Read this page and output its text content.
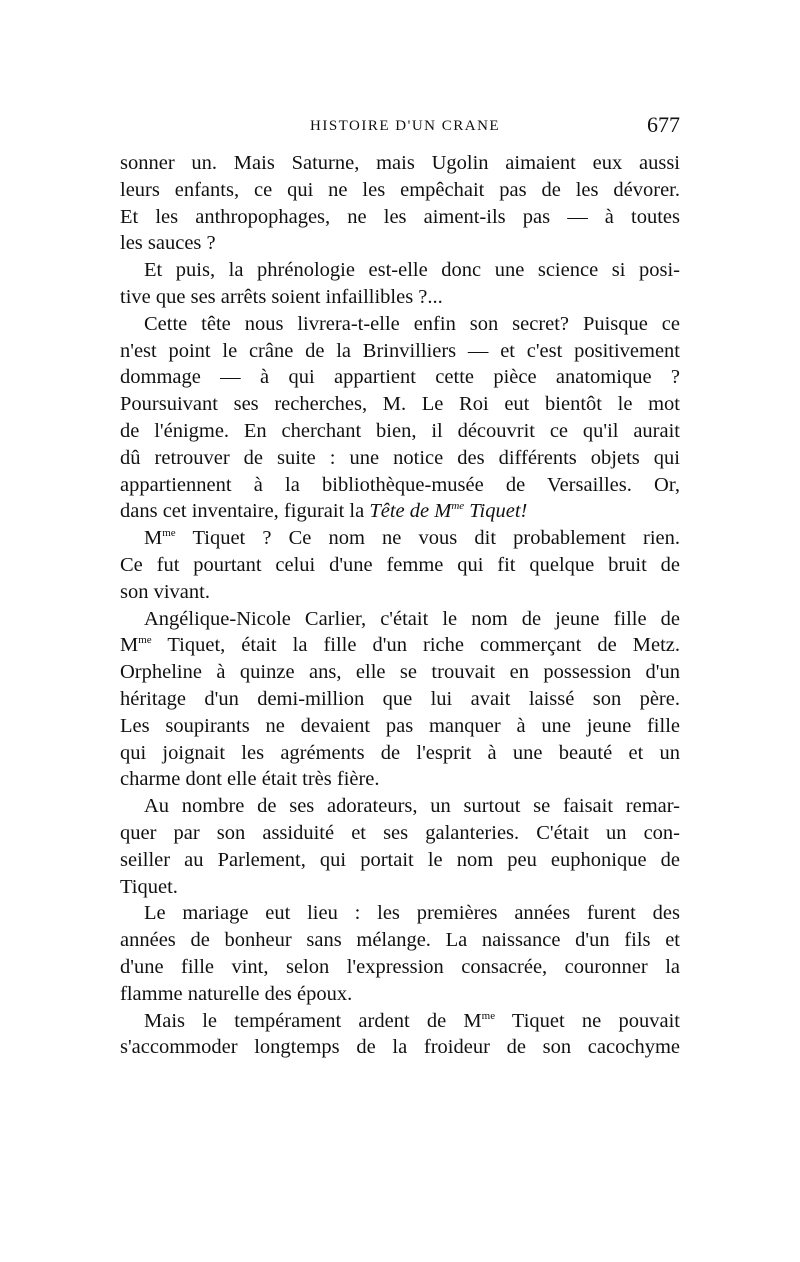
HISTOIRE D'UN CRANE	677

sonner un. Mais Saturne, mais Ugolin aimaient eux aussi
leurs enfants, ce qui ne les empêchait pas de les dévorer.
Et les anthropophages, ne les aiment-ils pas — à toutes
les sauces ?

Et puis, la phrénologie est-elle donc une science si posi-
tive que ses arrêts soient infaillibles ?...

Cette tête nous livrera-t-elle enfin son secret? Puisque ce
n'est point le crâne de la Brinvilliers — et c'est positivement
dommage — à qui appartient cette pièce anatomique ?
Poursuivant ses recherches, M. Le Roi eut bientôt le mot
de l'énigme. En cherchant bien, il découvrit ce qu'il aurait
dû retrouver de suite : une notice des différents objets qui
appartiennent à la bibliothèque-musée de Versailles. Or,
dans cet inventaire, figurait la Tête de $M^{me}$ Tiquet!

$M^{me}$ Tiquet ? Ce nom ne vous dit probablement rien.
Ce fut pourtant celui d'une femme qui fit quelque bruit de
son vivant.

Angélique-Nicole Carlier, c'était le nom de jeune fille de
$M^{me}$ Tiquet, était la fille d'un riche commerçant de Metz.
Orpheline à quinze ans, elle se trouvait en possession d'un
héritage d'un demi-million que lui avait laissé son père.
Les soupirants ne devaient pas manquer à une jeune fille
qui joignait les agréments de l'esprit à une beauté et un
charme dont elle était très fière.

Au nombre de ses adorateurs, un surtout se faisait remar-
quer par son assiduité et ses galanteries. C'était un con-
seiller au Parlement, qui portait le nom peu euphonique de
Tiquet.

Le mariage eut lieu : les premières années furent des
années de bonheur sans mélange. La naissance d'un fils et
d'une fille vint, selon l'expression consacrée, couronner la
flamme naturelle des époux.

Mais le tempérament ardent de $M^{me}$ Tiquet ne pouvait
s'accommoder longtemps de la froideur de son cacochyme
